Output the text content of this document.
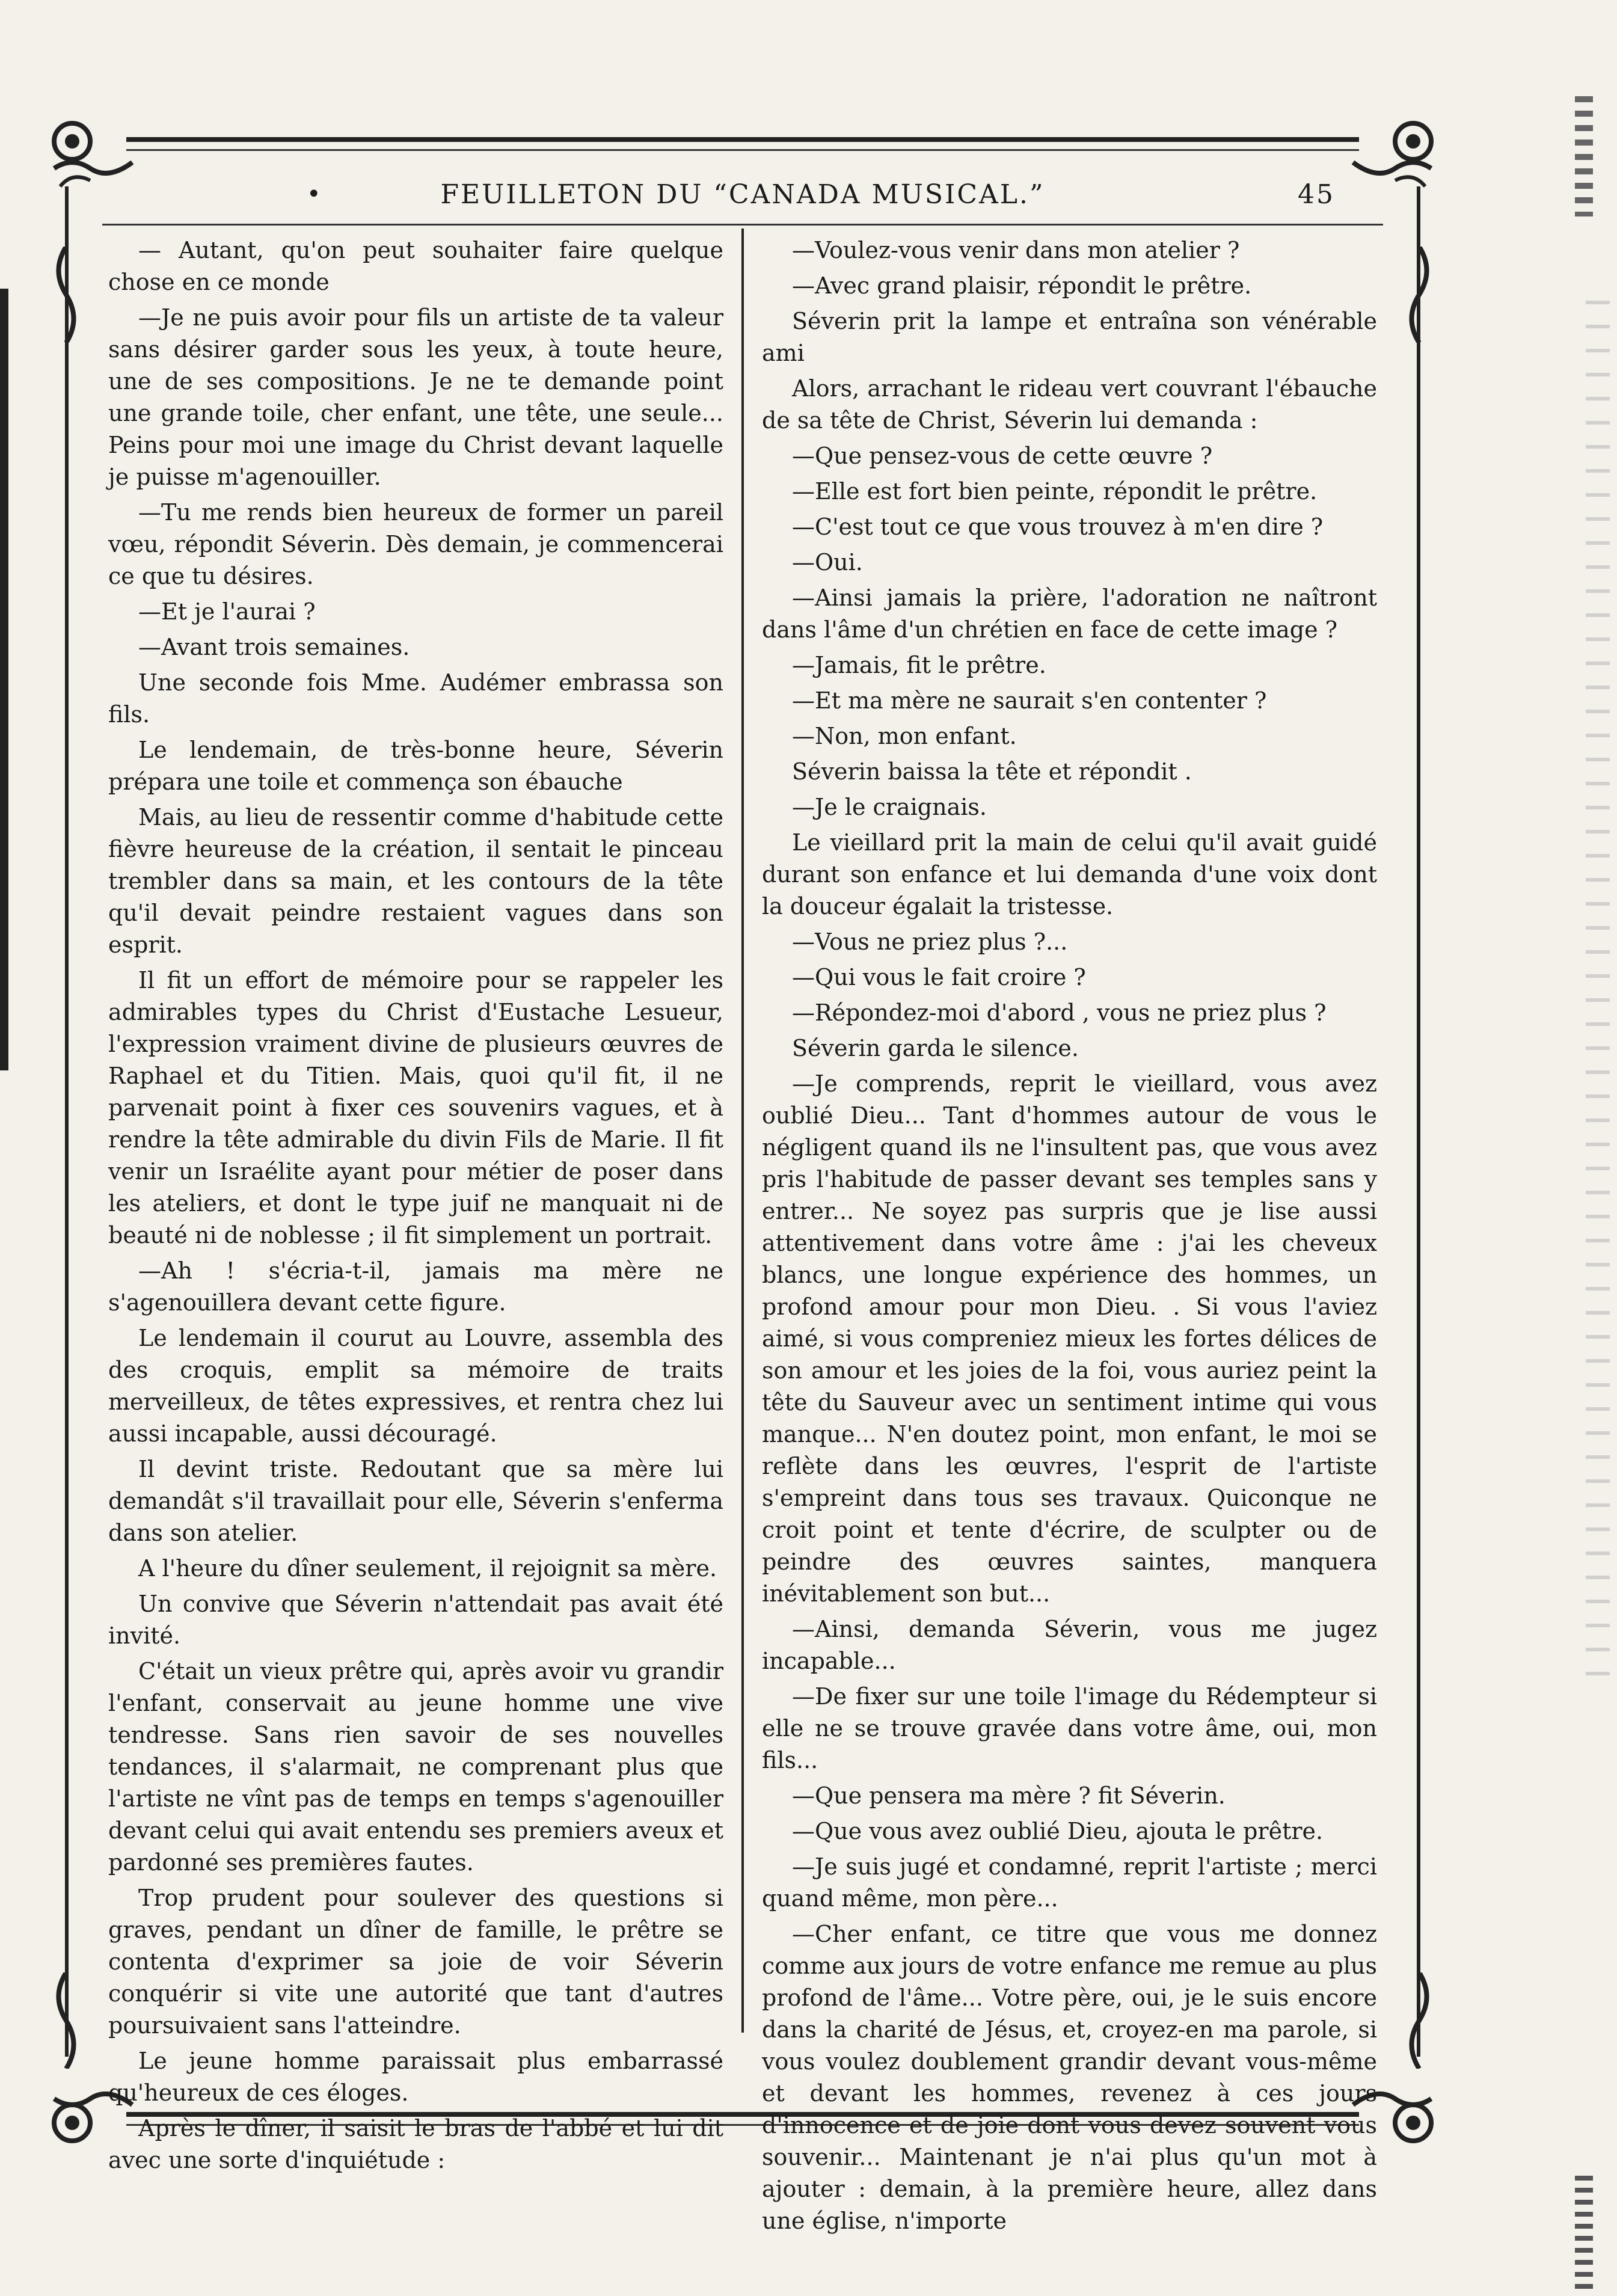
•	FEUILLETON DU “CANADA MUSICAL.”	45

— Autant, qu'on peut souhaiter faire quelque chose en ce monde

—Je ne puis avoir pour fils un artiste de ta valeur sans désirer garder sous les yeux, à toute heure, une de ses compositions. Je ne te demande point une grande toile, cher enfant, une tête, une seule... Peins pour moi une image du Christ devant laquelle je puisse m'agenouiller.

—Tu me rends bien heureux de former un pareil vœu, répondit Séverin. Dès demain, je commencerai ce que tu désires.

—Et je l'aurai ?

—Avant trois semaines.

Une seconde fois Mme. Audémer embrassa son fils.

Le lendemain, de très-bonne heure, Séverin prépara une toile et commença son ébauche

Mais, au lieu de ressentir comme d'habitude cette fièvre heureuse de la création, il sentait le pinceau trembler dans sa main, et les contours de la tête qu'il devait peindre restaient vagues dans son esprit.

Il fit un effort de mémoire pour se rappeler les admirables types du Christ d'Eustache Lesueur, l'expression vraiment divine de plusieurs œuvres de Raphael et du Titien. Mais, quoi qu'il fit, il ne parvenait point à fixer ces souvenirs vagues, et à rendre la tête admirable du divin Fils de Marie. Il fit venir un Israélite ayant pour métier de poser dans les ateliers, et dont le type juif ne manquait ni de beauté ni de noblesse ; il fit simplement un portrait.

—Ah ! s'écria-t-il, jamais ma mère ne s'agenouillera devant cette figure.

Le lendemain il courut au Louvre, assembla des des croquis, emplit sa mémoire de traits merveilleux, de têtes expressives, et rentra chez lui aussi incapable, aussi découragé.

Il devint triste. Redoutant que sa mère lui demandât s'il travaillait pour elle, Séverin s'enferma dans son atelier.

A l'heure du dîner seulement, il rejoignit sa mère.

Un convive que Séverin n'attendait pas avait été invité.

C'était un vieux prêtre qui, après avoir vu grandir l'enfant, conservait au jeune homme une vive tendresse. Sans rien savoir de ses nouvelles tendances, il s'alarmait, ne comprenant plus que l'artiste ne vînt pas de temps en temps s'agenouiller devant celui qui avait entendu ses premiers aveux et pardonné ses premières fautes.

Trop prudent pour soulever des questions si graves, pendant un dîner de famille, le prêtre se contenta d'exprimer sa joie de voir Séverin conquérir si vite une autorité que tant d'autres poursuivaient sans l'atteindre.

Le jeune homme paraissait plus embarrassé qu'heureux de ces éloges.

Après le dîner, il saisit le bras de l'abbé et lui dit avec une sorte d'inquiétude :

—Voulez-vous venir dans mon atelier ?

—Avec grand plaisir, répondit le prêtre.

Séverin prit la lampe et entraîna son vénérable ami

Alors, arrachant le rideau vert couvrant l'ébauche de sa tête de Christ, Séverin lui demanda :

—Que pensez-vous de cette œuvre ?

—Elle est fort bien peinte, répondit le prêtre.

—C'est tout ce que vous trouvez à m'en dire ?

—Oui.

—Ainsi jamais la prière, l'adoration ne naîtront dans l'âme d'un chrétien en face de cette image ?

—Jamais, fit le prêtre.

—Et ma mère ne saurait s'en contenter ?

—Non, mon enfant.

Séverin baissa la tête et répondit .

—Je le craignais.

Le vieillard prit la main de celui qu'il avait guidé durant son enfance et lui demanda d'une voix dont la douceur égalait la tristesse.

—Vous ne priez plus ?...

—Qui vous le fait croire ?

—Répondez-moi d'abord , vous ne priez plus ?

Séverin garda le silence.

—Je comprends, reprit le vieillard, vous avez oublié Dieu... Tant d'hommes autour de vous le négligent quand ils ne l'insultent pas, que vous avez pris l'habitude de passer devant ses temples sans y entrer... Ne soyez pas surpris que je lise aussi attentivement dans votre âme : j'ai les cheveux blancs, une longue expérience des hommes, un profond amour pour mon Dieu. . Si vous l'aviez aimé, si vous compreniez mieux les fortes délices de son amour et les joies de la foi, vous auriez peint la tête du Sauveur avec un sentiment intime qui vous manque... N'en doutez point, mon enfant, le moi se reflète dans les œuvres, l'esprit de l'artiste s'empreint dans tous ses travaux. Quiconque ne croit point et tente d'écrire, de sculpter ou de peindre des œuvres saintes, manquera inévitablement son but...

—Ainsi, demanda Séverin, vous me jugez incapable...

—De fixer sur une toile l'image du Rédempteur si elle ne se trouve gravée dans votre âme, oui, mon fils...

—Que pensera ma mère ? fit Séverin.

—Que vous avez oublié Dieu, ajouta le prêtre.

—Je suis jugé et condamné, reprit l'artiste ; merci quand même, mon père...

—Cher enfant, ce titre que vous me donnez comme aux jours de votre enfance me remue au plus profond de l'âme... Votre père, oui, je le suis encore dans la charité de Jésus, et, croyez-en ma parole, si vous voulez doublement grandir devant vous-même et devant les hommes, revenez à ces jours d'innocence et de joie dont vous devez souvent vous souvenir... Maintenant je n'ai plus qu'un mot à ajouter : demain, à la première heure, allez dans une église, n'importe
